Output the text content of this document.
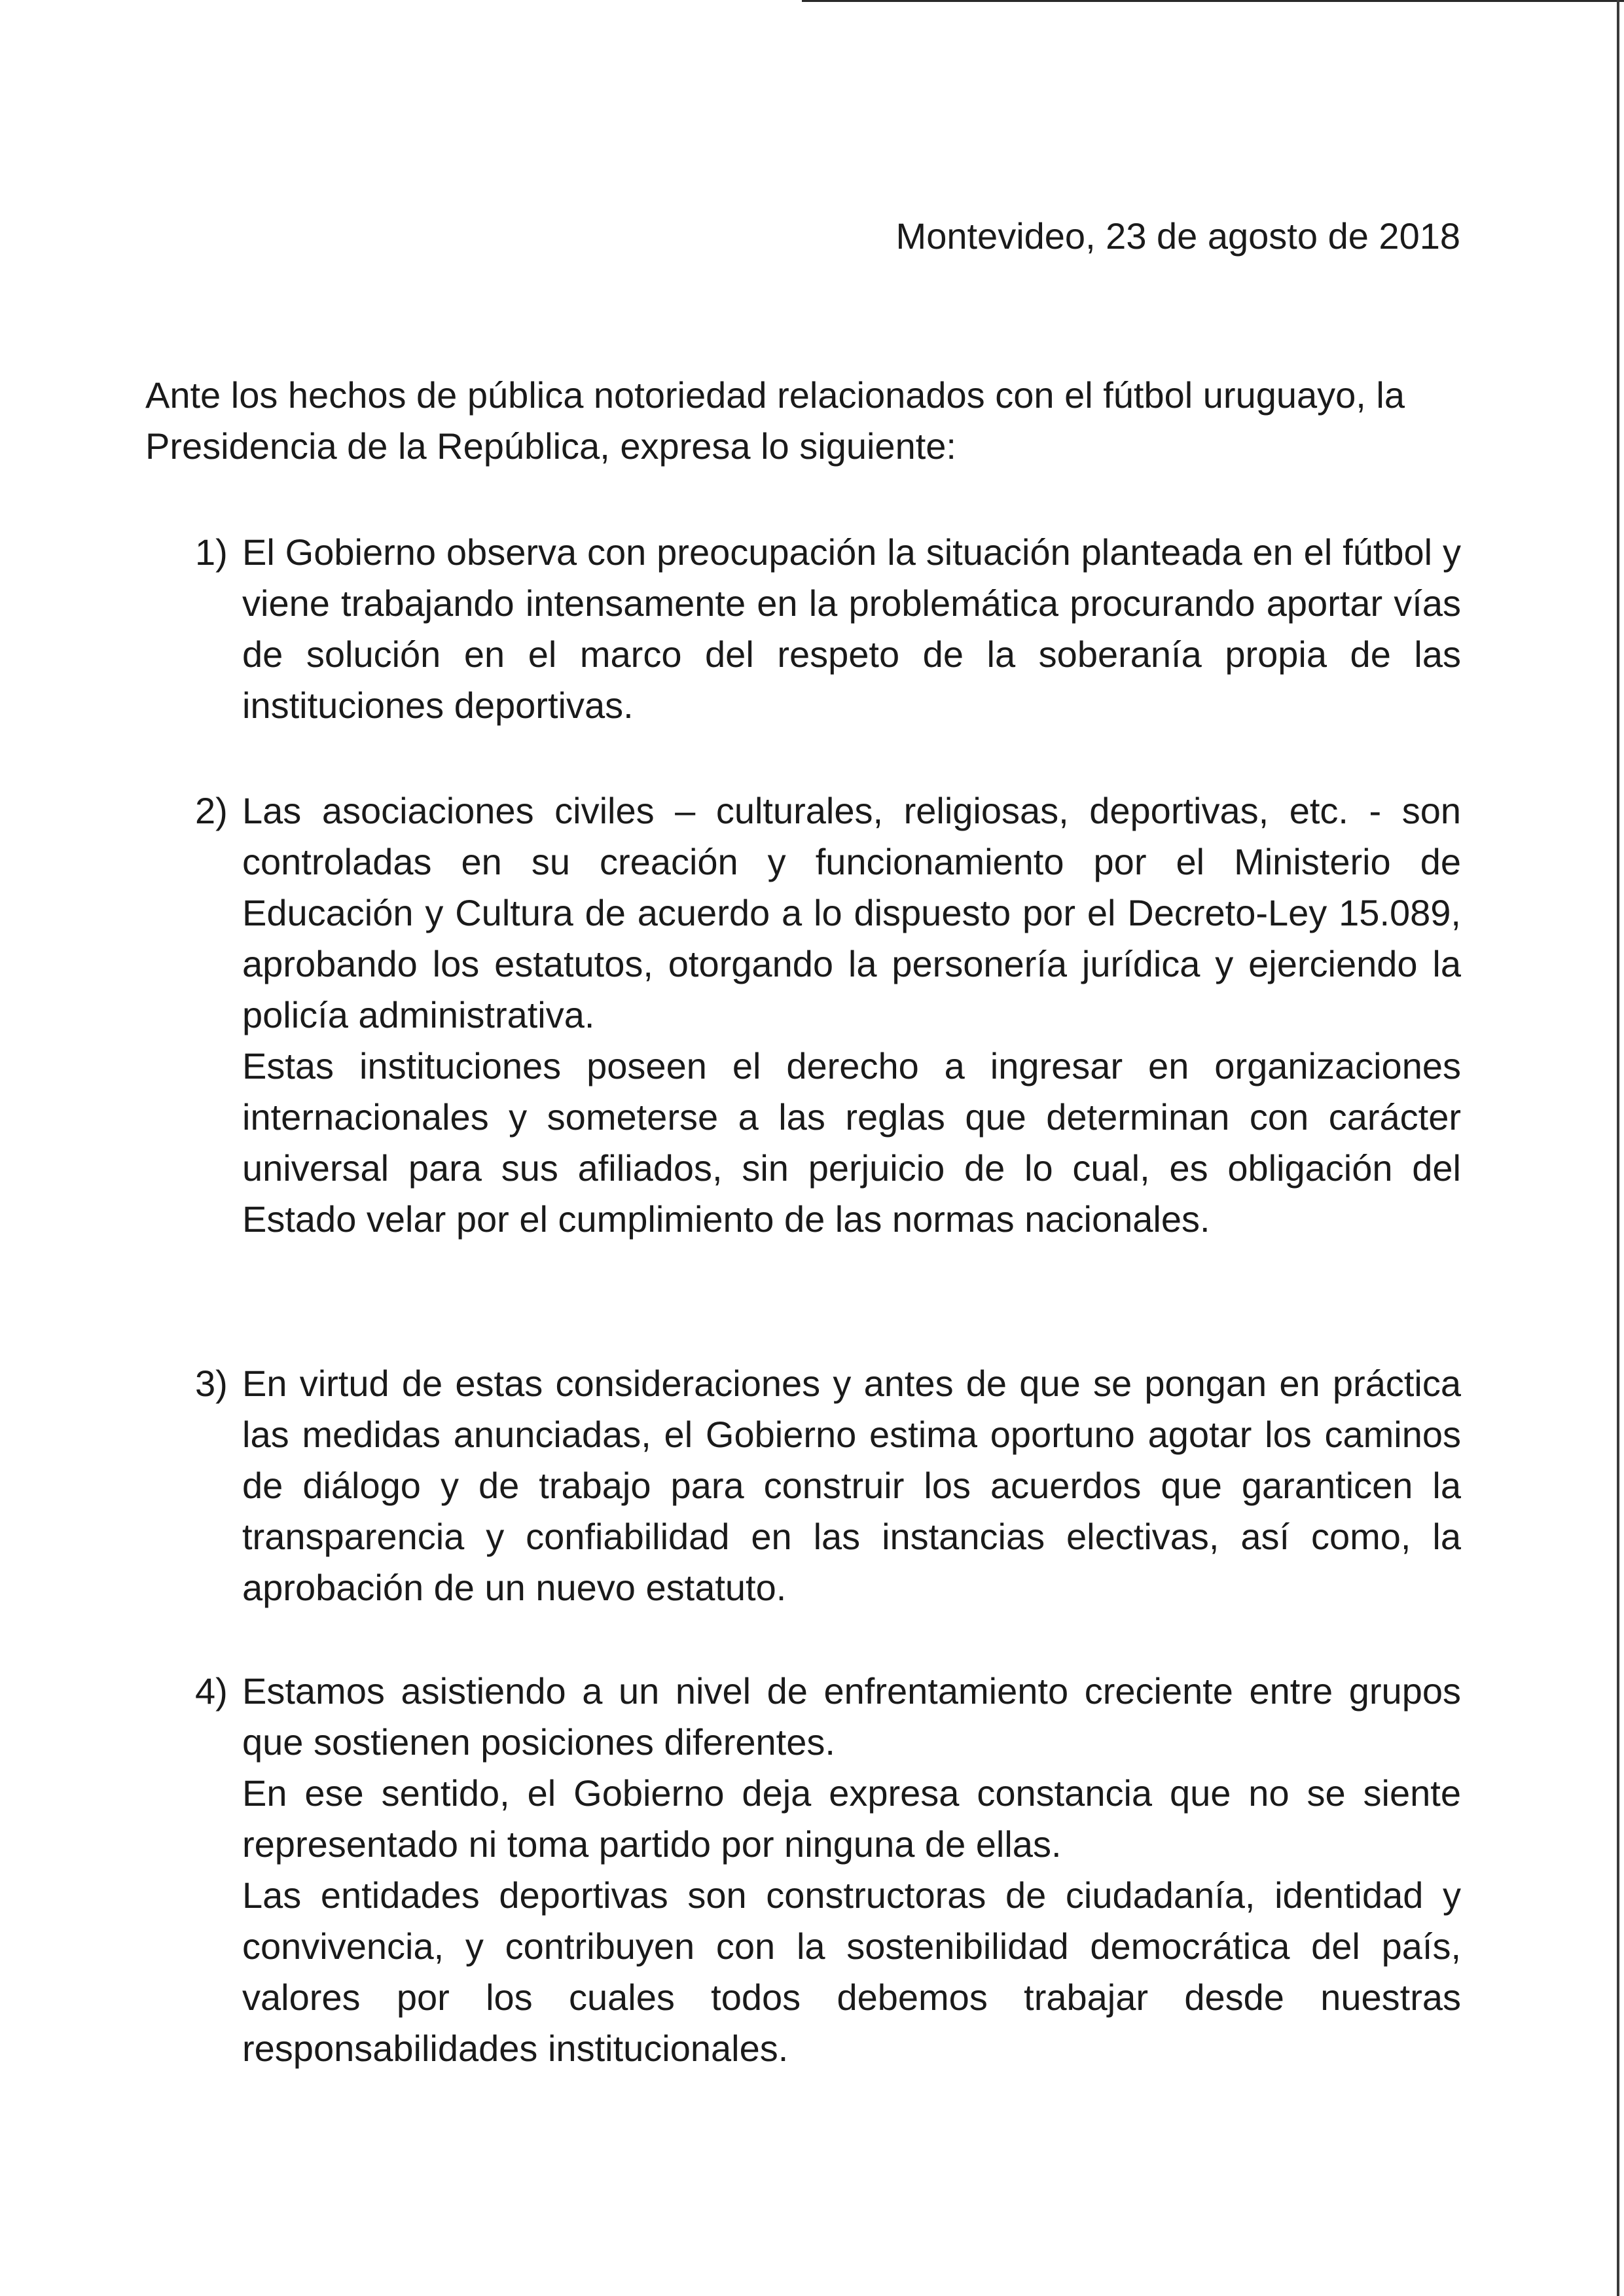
Montevideo, 23 de agosto de 2018

Ante los hechos de pública notoriedad relacionados con el fútbol uruguayo, la Presidencia de la República, expresa lo siguiente:

1) El Gobierno observa con preocupación la situación planteada en el fútbol y viene trabajando intensamente en la problemática procurando aportar vías de solución en el marco del respeto de la soberanía propia de las instituciones deportivas.

2) Las asociaciones civiles – culturales, religiosas, deportivas, etc. - son controladas en su creación y funcionamiento por el Ministerio de Educación y Cultura de acuerdo a lo dispuesto por el Decreto-Ley 15.089, aprobando los estatutos, otorgando la personería jurídica y ejerciendo la policía administrativa.

Estas instituciones poseen el derecho a ingresar en organizaciones internacionales y someterse a las reglas que determinan con carácter universal para sus afiliados, sin perjuicio de lo cual, es obligación del Estado velar por el cumplimiento de las normas nacionales.

3) En virtud de estas consideraciones y antes de que se pongan en práctica las medidas anunciadas, el Gobierno estima oportuno agotar los caminos de diálogo y de trabajo para construir los acuerdos que garanticen la transparencia y confiabilidad en las instancias electivas, así como, la aprobación de un nuevo estatuto.

4) Estamos asistiendo a un nivel de enfrentamiento creciente entre grupos que sostienen posiciones diferentes.

En ese sentido, el Gobierno deja expresa constancia que no se siente representado ni toma partido por ninguna de ellas.

Las entidades deportivas son constructoras de ciudadanía, identidad y convivencia, y contribuyen con la sostenibilidad democrática del país, valores por los cuales todos debemos trabajar desde nuestras responsabilidades institucionales.
